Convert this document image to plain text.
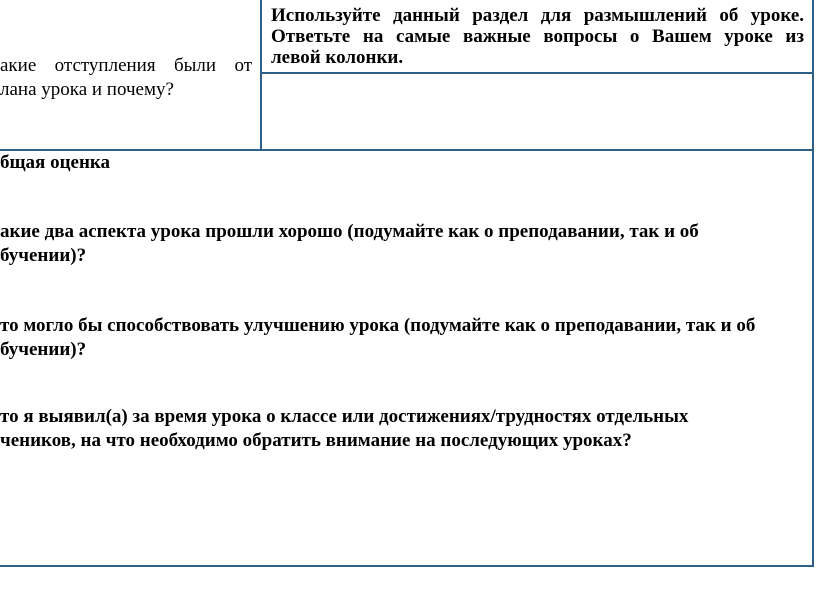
акие отступления были от
лана урока и почему?
Используйте данный раздел для размышлений об уроке.
Ответьте на самые важные вопросы о Вашем уроке из
левой колонки.
бщая оценка
акие два аспекта урока прошли хорошо (подумайте как о преподавании, так и об
бучении)?
то могло бы способствовать улучшению урока (подумайте как о преподавании, так и об
бучении)?
то я выявил(а) за время урока о классе или достижениях/трудностях отдельных
чеников, на что необходимо обратить внимание на последующих уроках?
